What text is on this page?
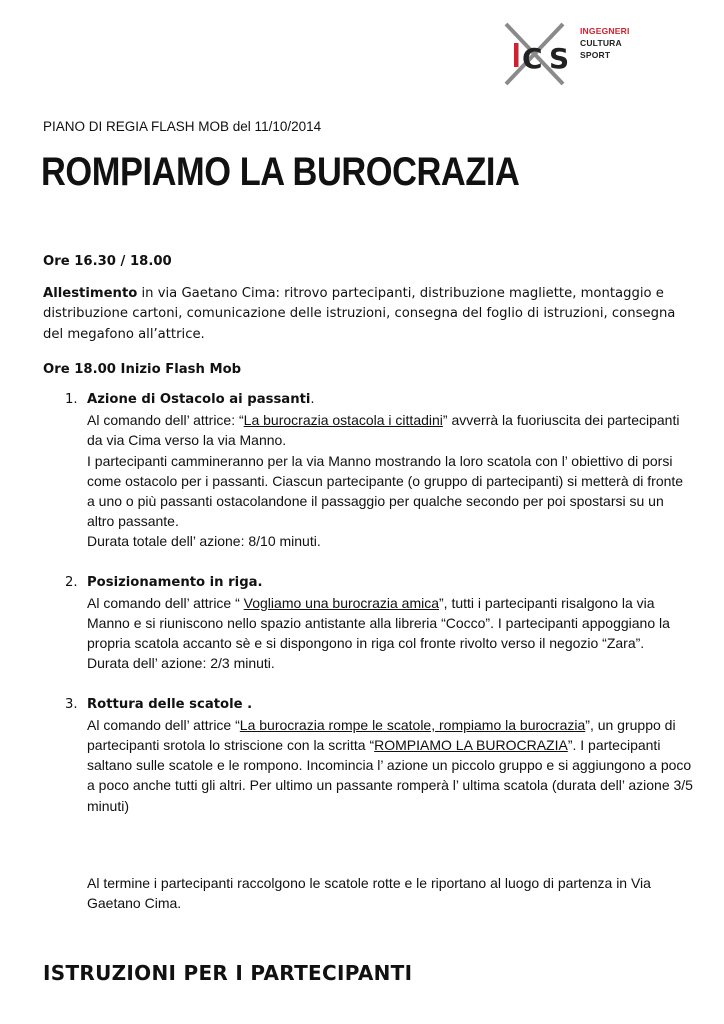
C S
INGEGNERI
CULTURA
SPORT
PIANO DI REGIA FLASH MOB del 11/10/2014
ROMPIAMO LA BUROCRAZIA

Ore 16.30 / 18.00

Allestimento in via Gaetano Cima: ritrovo partecipanti, distribuzione magliette, montaggio e distribuzione cartoni, comunicazione delle istruzioni, consegna del foglio di istruzioni, consegna del megafono all’attrice.

Ore 18.00 Inizio Flash Mob

1. Azione di Ostacolo ai passanti.
Al comando dell’ attrice: “La burocrazia ostacola i cittadini” avverrà la fuoriuscita dei partecipanti da via Cima verso la via Manno.
I partecipanti cammineranno per la via Manno mostrando la loro scatola con l’ obiettivo di porsi come ostacolo per i passanti. Ciascun partecipante (o gruppo di partecipanti) si metterà di fronte a uno o più passanti ostacolandone il passaggio per qualche secondo per poi spostarsi su un altro passante.
Durata totale dell’ azione: 8/10 minuti.
2. Posizionamento in riga.
Al comando dell’ attrice “ Vogliamo una burocrazia amica”, tutti i partecipanti risalgono la via Manno e si riuniscono nello spazio antistante alla libreria “Cocco”. I partecipanti appoggiano la propria scatola accanto sè e si dispongono in riga col fronte rivolto verso il negozio “Zara”.
Durata dell’ azione: 2/3 minuti.
3. Rottura delle scatole .
Al comando dell’ attrice “La burocrazia rompe le scatole, rompiamo la burocrazia”, un gruppo di partecipanti srotola lo striscione con la scritta “ROMPIAMO LA BUROCRAZIA”. I partecipanti saltano sulle scatole e le rompono. Incomincia l’ azione un piccolo gruppo e si aggiungono a poco a poco anche tutti gli altri. Per ultimo un passante romperà l’ ultima scatola (durata dell’ azione 3/5 minuti)
Al termine i partecipanti raccolgono le scatole rotte e le riportano al luogo di partenza in Via Gaetano Cima.
ISTRUZIONI PER I PARTECIPANTI
